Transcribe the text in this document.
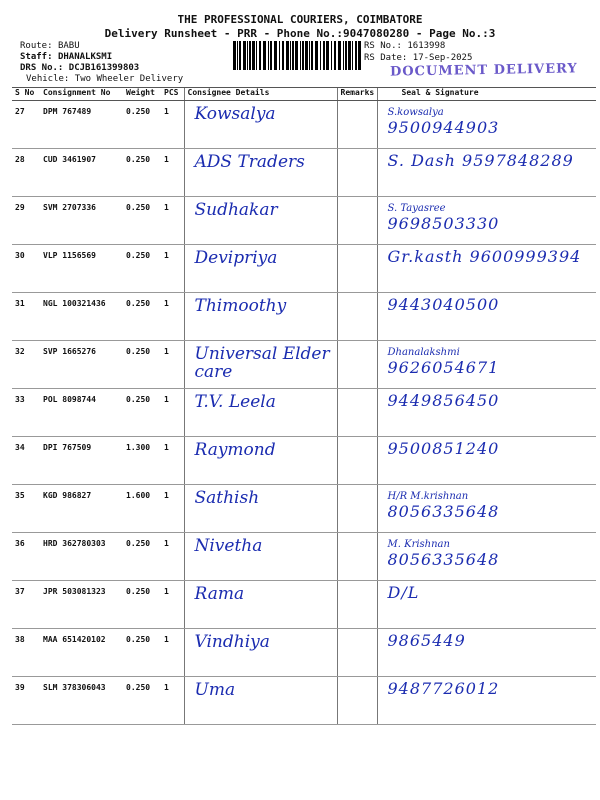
THE PROFESSIONAL COURIERS, COIMBATORE
Delivery Runsheet - PRR - Phone No.:9047080280 - Page No.:3
Route: BABU
Staff: DHANALKSMI
DRS No.: DCJB161399803
Vehicle: Two Wheeler Delivery
RS No.: 1613998
RS Date: 17-Sep-2025
DOCUMENT DELIVERY
S No	Consignment No	Weight	PCS	Consignee Details	Remarks	Seal & Signature
27	DPM 767489	0.250	1	Kowsalya		S.kowsalya
9500944903

28	CUD 3461907	0.250	1	ADS Traders		S. Dash 9597848289

29	SVM 2707336	0.250	1	Sudhakar		S. Tayasree
9698503330

30	VLP 1156569	0.250	1	Devipriya		Gr.kasth 9600999394

31	NGL 100321436	0.250	1	Thimoothy		9443040500

32	SVP 1665276	0.250	1	Universal Elder care		Dhanalakshmi
9626054671

33	POL 8098744	0.250	1	T.V. Leela		9449856450

34	DPI 767509	1.300	1	Raymond		9500851240

35	KGD 986827	1.600	1	Sathish		H/R M.krishnan
8056335648

36	HRD 362780303	0.250	1	Nivetha		M. Krishnan
8056335648

37	JPR 503081323	0.250	1	Rama		D/L

38	MAA 651420102	0.250	1	Vindhiya		9865449

39	SLM 378306043	0.250	1	Uma		9487726012
